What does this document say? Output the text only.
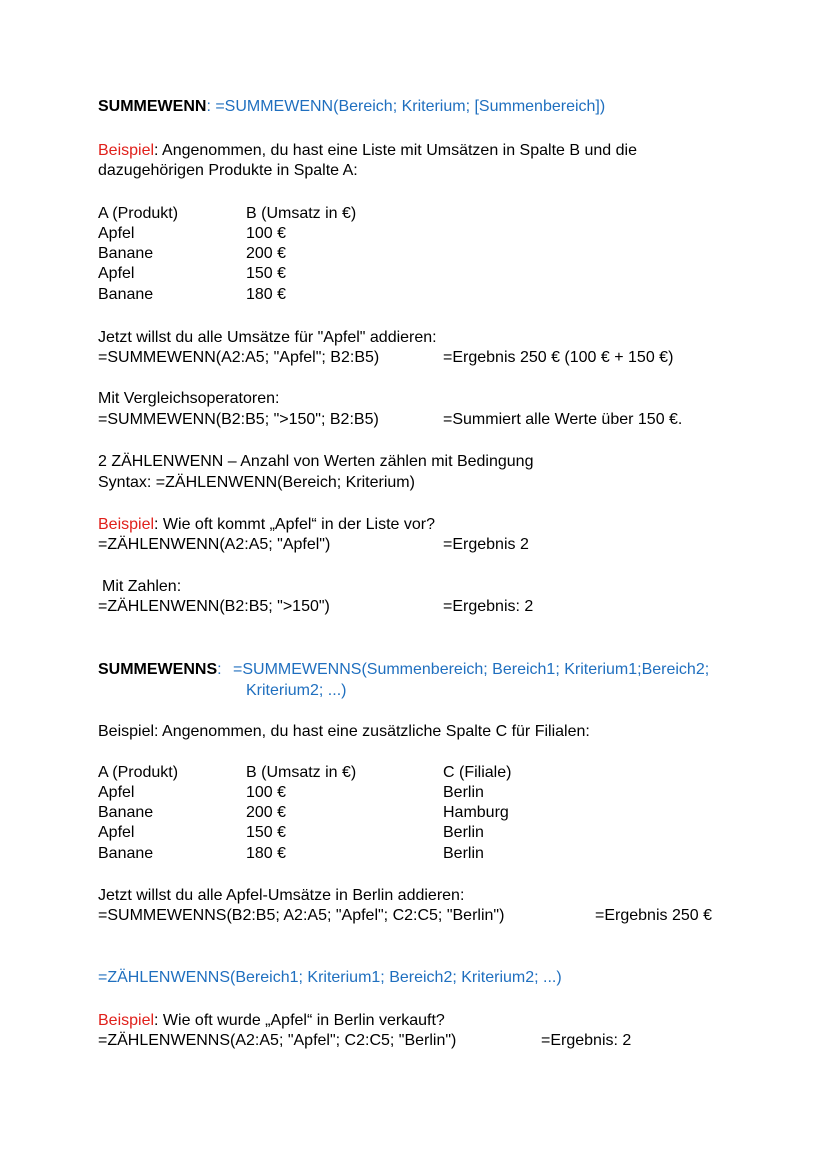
SUMMEWENN: =SUMMEWENN(Bereich; Kriterium; [Summenbereich])
Beispiel: Angenommen, du hast eine Liste mit Umsätzen in Spalte B und die
dazugehörigen Produkte in Spalte A:
A (Produkt)	B (Umsatz in €)
Apfel	100 €
Banane	200 €
Apfel	150 €
Banane	180 €
Jetzt willst du alle Umsätze für "Apfel" addieren:
=SUMMEWENN(A2:A5; "Apfel"; B2:B5)	=Ergebnis 250 € (100 € + 150 €)
Mit Vergleichsoperatoren:
=SUMMEWENN(B2:B5; ">150"; B2:B5)	=Summiert alle Werte über 150 €.
2 ZÄHLENWENN – Anzahl von Werten zählen mit Bedingung
Syntax: =ZÄHLENWENN(Bereich; Kriterium)
Beispiel: Wie oft kommt „Apfel“ in der Liste vor?
=ZÄHLENWENN(A2:A5; "Apfel")	=Ergebnis 2
Mit Zahlen:
=ZÄHLENWENN(B2:B5; ">150")	=Ergebnis: 2
SUMMEWENNS: =SUMMEWENNS(Summenbereich; Bereich1; Kriterium1;Bereich2;
Kriterium2; ...)
Beispiel: Angenommen, du hast eine zusätzliche Spalte C für Filialen:
A (Produkt)	B (Umsatz in €)	C (Filiale)
Apfel	100 €	Berlin
Banane	200 €	Hamburg
Apfel	150 €	Berlin
Banane	180 €	Berlin
Jetzt willst du alle Apfel-Umsätze in Berlin addieren:
=SUMMEWENNS(B2:B5; A2:A5; "Apfel"; C2:C5; "Berlin")	=Ergebnis 250 €
=ZÄHLENWENNS(Bereich1; Kriterium1; Bereich2; Kriterium2; ...)
Beispiel: Wie oft wurde „Apfel“ in Berlin verkauft?
=ZÄHLENWENNS(A2:A5; "Apfel"; C2:C5; "Berlin")	=Ergebnis: 2
